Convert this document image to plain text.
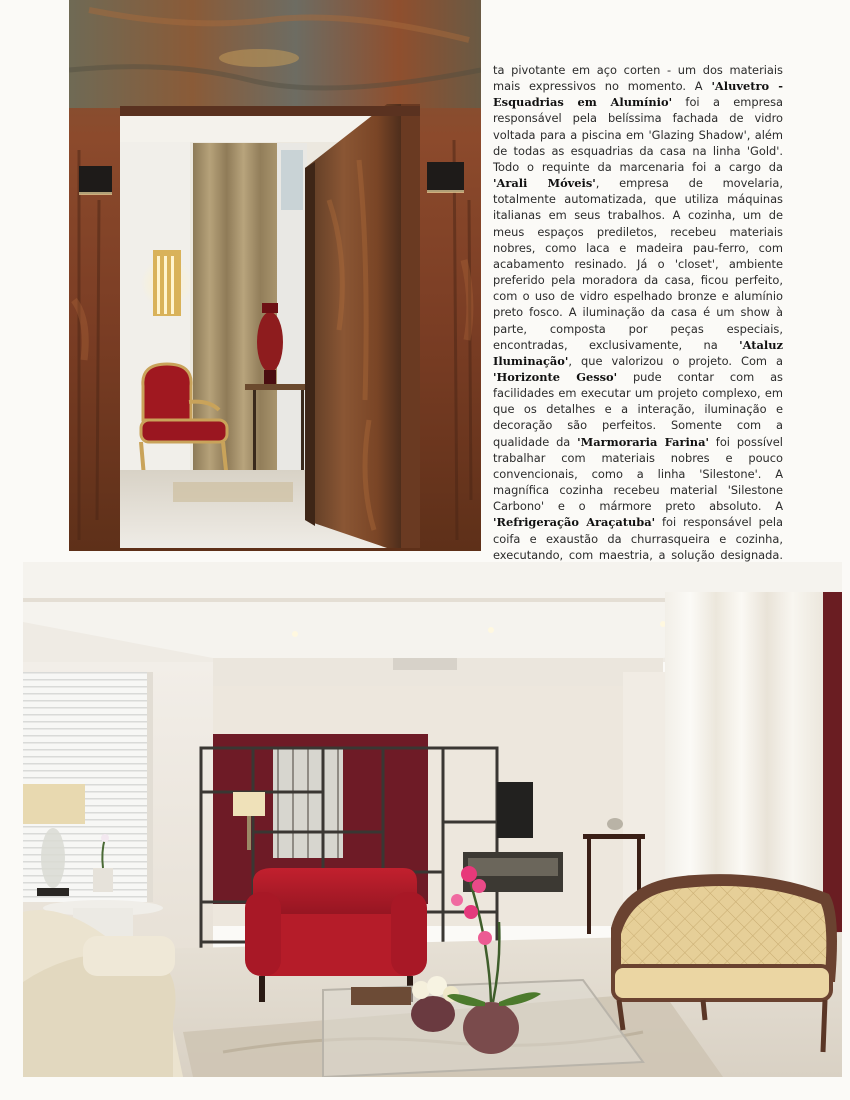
ta pivotante em aço corten - um dos materiais mais expressivos no momento. A 'Aluvetro - Esquadrias em Alumínio' foi a empresa responsável pela belíssima fachada de vidro voltada para a piscina em 'Glazing Shadow', além de todas as esquadrias da casa na linha 'Gold'. Todo o requinte da marcenaria foi a cargo da 'Arali Móveis', empresa de movelaria, totalmente automatizada, que utiliza máquinas italianas em seus trabalhos. A cozinha, um de meus espaços prediletos, recebeu materiais nobres, como laca e madeira pau-ferro, com acabamento resinado. Já o 'closet', ambiente preferido pela moradora da casa, ficou perfeito, com o uso de vidro espelhado bronze e alumínio preto fosco. A iluminação da casa é um show à parte, composta por peças especiais, encontradas, exclusivamente, na 'Ataluz Iluminação', que valorizou o projeto. Com a 'Horizonte Gesso' pude contar com as facilidades em executar um projeto complexo, em que os detalhes e a interação, iluminação e decoração são perfeitos. Somente com a qualidade da 'Marmoraria Farina' foi possível trabalhar com materiais nobres e pouco convencionais, como a linha 'Silestone'. A magnífica cozinha recebeu material 'Silestone Carbono' e o mármore preto absoluto. A 'Refrigeração Araçatuba' foi responsável pela coifa e exaustão da churrasqueira e cozinha, executando, com maestria, a solução designada.
